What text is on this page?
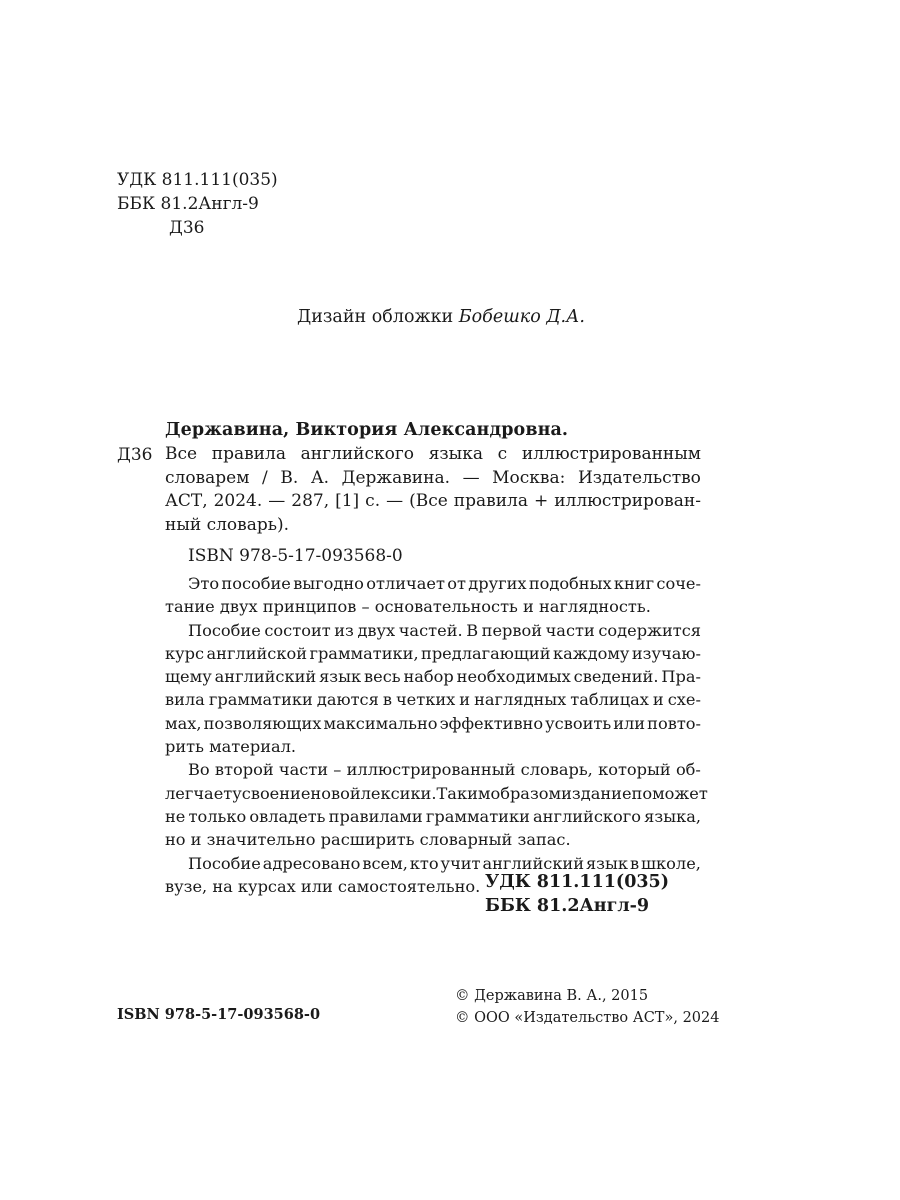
УДК 811.111(035)
ББК 81.2Англ-9
Д36
Дизайн обложки Бобешко Д.А.
Державина, Виктория Александровна.
Д36 Все правила английского языка с иллюстрированным
словарем / В. А. Державина. — Москва: Издательство
АСТ, 2024. — 287, [1] с. — (Все правила + иллюстрирован-
ный словарь).
ISBN 978-5-17-093568-0
Это пособие выгодно отличает от других подобных книг соче-
тание двух принципов – основательность и наглядность.
Пособие состоит из двух частей. В первой части содержится
курс английской грамматики, предлагающий каждому изучаю-
щему английский язык весь набор необходимых сведений. Пра-
вила грамматики даются в четких и наглядных таблицах и схе-
мах, позволяющих максимально эффективно усвоить или повто-
рить материал.
Во второй части – иллюстрированный словарь, который об-
легчает усвоение новой лексики. Таким образом издание поможет
не только овладеть правилами грамматики английского языка,
но и значительно расширить словарный запас.
Пособие адресовано всем, кто учит английский язык в школе,
вузе, на курсах или самостоятельно. УДК 811.111(035)
ББК 81.2Англ-9
ISBN 978-5-17-093568-0
© Державина В. А., 2015
© ООО «Издательство АСТ», 2024
